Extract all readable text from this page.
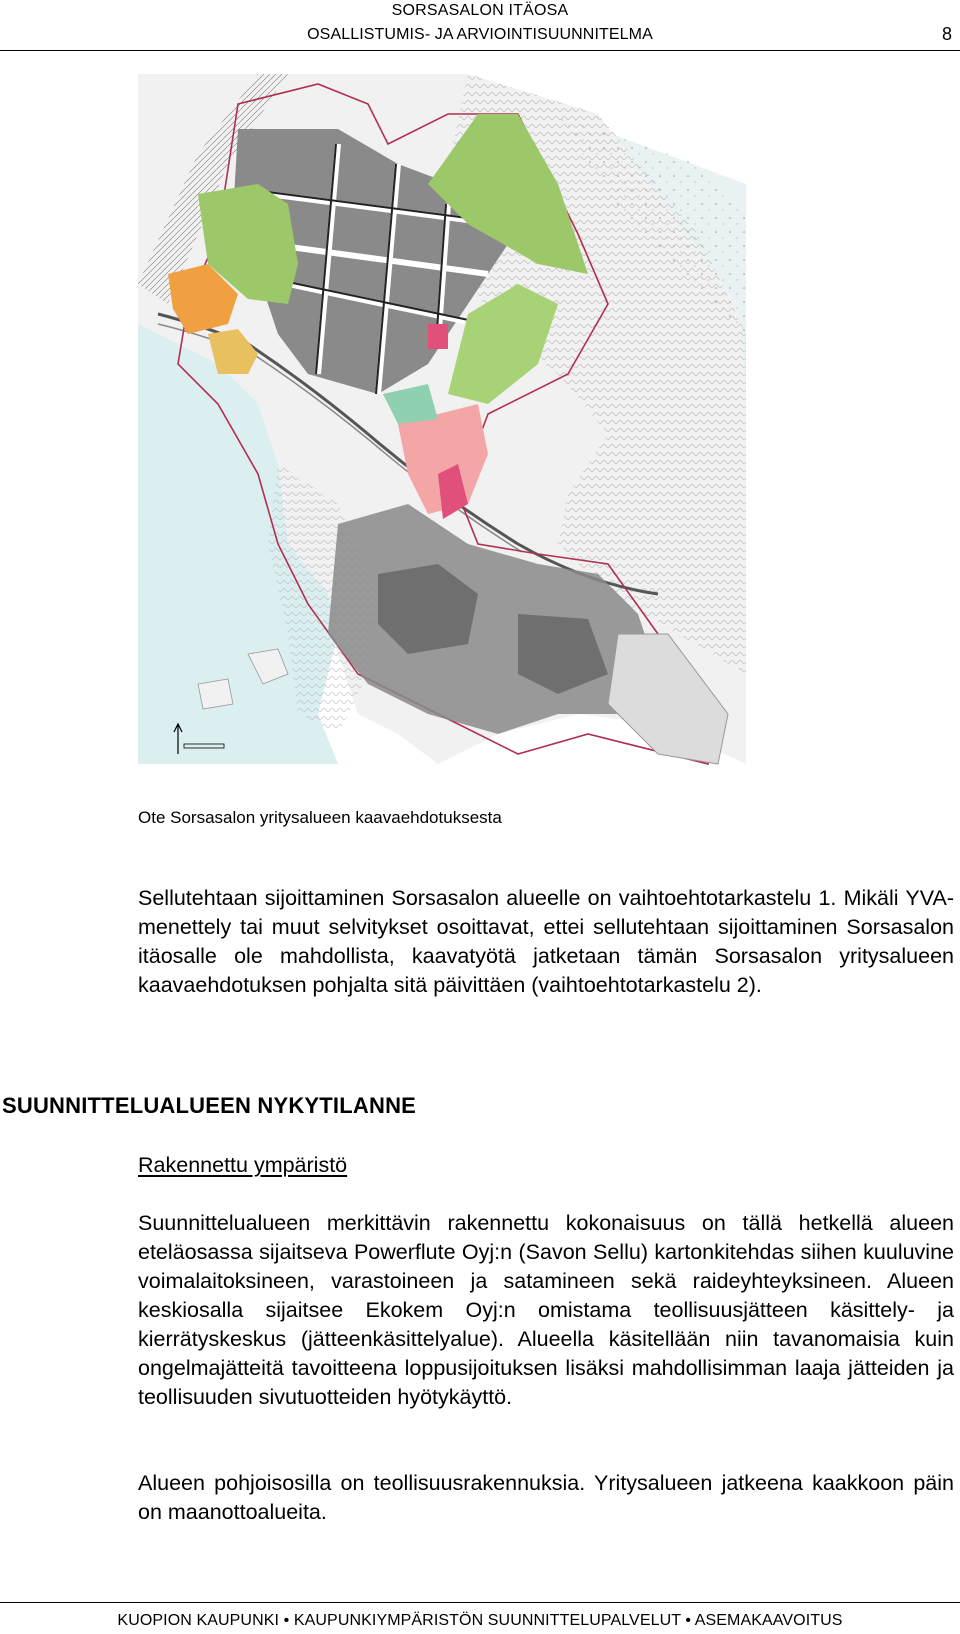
SORSASALON ITÄOSA
OSALLISTUMIS- JA ARVIOINTISUUNNITELMA	8
Ote Sorsasalon yritysalueen kaavaehdotuksesta
Sellutehtaan sijoittaminen Sorsasalon alueelle on vaihtoehtotarkastelu 1. Mikäli YVA-menettely tai muut selvitykset osoittavat, ettei sellutehtaan sijoittaminen Sorsasalon itäosalle ole mahdollista, kaavatyötä jatketaan tämän Sorsasalon yritysalueen kaavaehdotuksen pohjalta sitä päivittäen (vaihtoehtotarkastelu 2).
SUUNNITTELUALUEEN NYKYTILANNE
Rakennettu ympäristö
Suunnittelualueen merkittävin rakennettu kokonaisuus on tällä hetkellä alueen eteläosassa sijaitseva Powerflute Oyj:n (Savon Sellu) kartonkitehdas siihen kuuluvine voimalaitoksineen, varastoineen ja satamineen sekä raideyhteyksineen. Alueen keskiosalla sijaitsee Ekokem Oyj:n omistama teollisuusjätteen käsittely- ja kierrätyskeskus (jätteenkäsittelyalue). Alueella käsitellään niin tavanomaisia kuin ongelmajätteitä tavoitteena loppusijoituksen lisäksi mahdollisimman laaja jätteiden ja teollisuuden sivutuotteiden hyötykäyttö.
Alueen pohjoisosilla on teollisuusrakennuksia. Yritysalueen jatkeena kaakkoon päin on maanottoalueita.
KUOPION KAUPUNKI • KAUPUNKIYMPÄRISTÖN SUUNNITTELUPALVELUT • ASEMAKAAVOITUS
